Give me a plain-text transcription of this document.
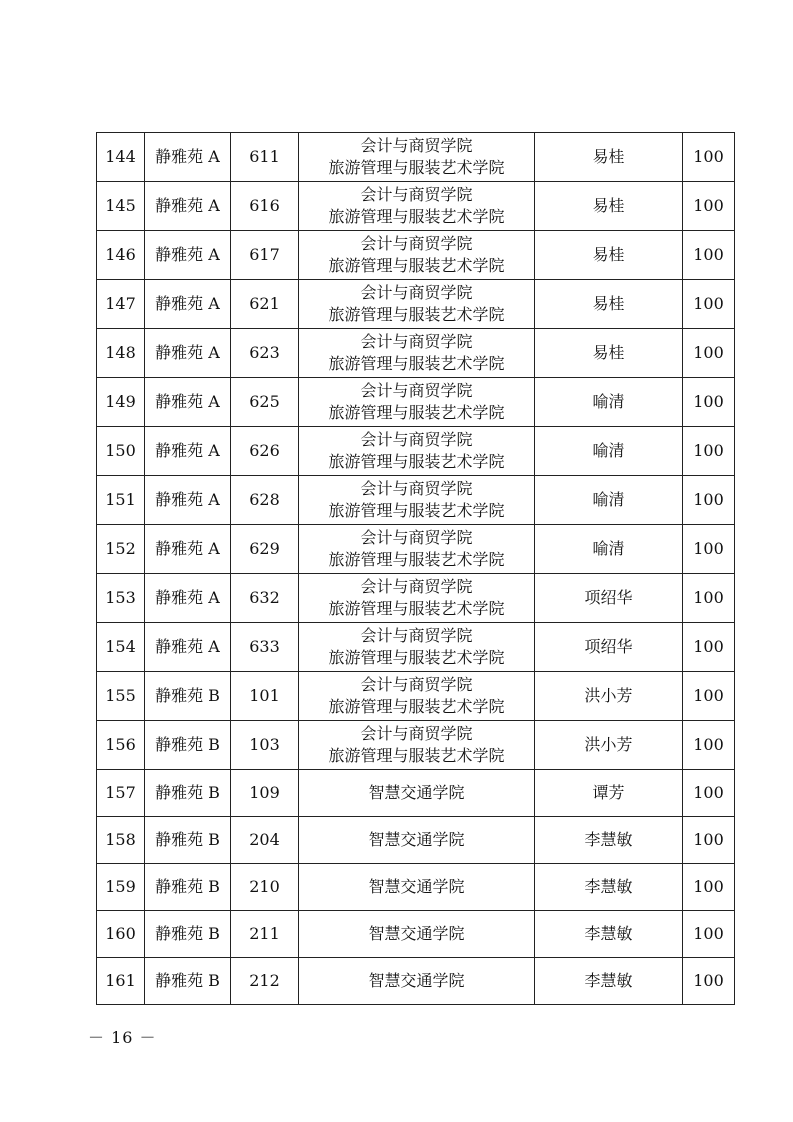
144	静雅苑 A	611	会计与商贸学院
旅游管理与服装艺术学院	易桂	100
145	静雅苑 A	616	会计与商贸学院
旅游管理与服装艺术学院	易桂	100
146	静雅苑 A	617	会计与商贸学院
旅游管理与服装艺术学院	易桂	100
147	静雅苑 A	621	会计与商贸学院
旅游管理与服装艺术学院	易桂	100
148	静雅苑 A	623	会计与商贸学院
旅游管理与服装艺术学院	易桂	100
149	静雅苑 A	625	会计与商贸学院
旅游管理与服装艺术学院	喻清	100
150	静雅苑 A	626	会计与商贸学院
旅游管理与服装艺术学院	喻清	100
151	静雅苑 A	628	会计与商贸学院
旅游管理与服装艺术学院	喻清	100
152	静雅苑 A	629	会计与商贸学院
旅游管理与服装艺术学院	喻清	100
153	静雅苑 A	632	会计与商贸学院
旅游管理与服装艺术学院	项绍华	100
154	静雅苑 A	633	会计与商贸学院
旅游管理与服装艺术学院	项绍华	100
155	静雅苑 B	101	会计与商贸学院
旅游管理与服装艺术学院	洪小芳	100
156	静雅苑 B	103	会计与商贸学院
旅游管理与服装艺术学院	洪小芳	100
157	静雅苑 B	109	智慧交通学院	谭芳	100
158	静雅苑 B	204	智慧交通学院	李慧敏	100
159	静雅苑 B	210	智慧交通学院	李慧敏	100
160	静雅苑 B	211	智慧交通学院	李慧敏	100
161	静雅苑 B	212	智慧交通学院	李慧敏	100
－ 16 －
